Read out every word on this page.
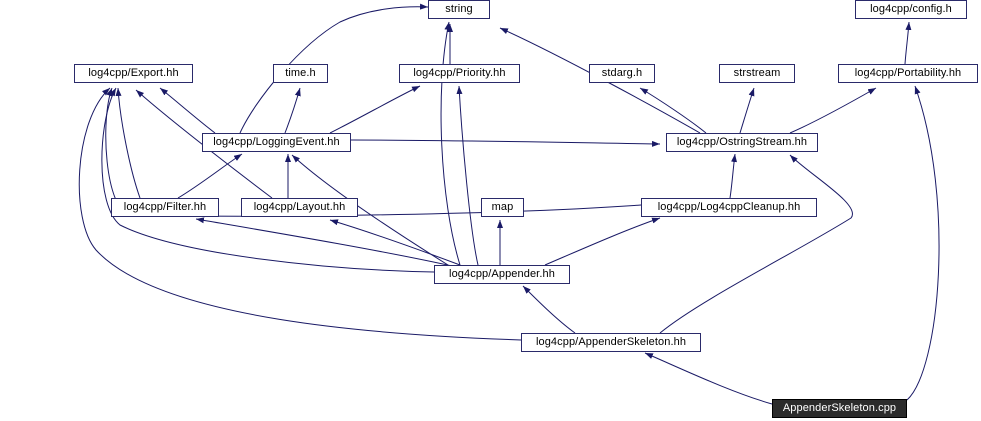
string	log4cpp/config.h
log4cpp/Export.hh	time.h	log4cpp/Priority.hh	stdarg.h	strstream	log4cpp/Portability.hh
log4cpp/LoggingEvent.hh	log4cpp/OstringStream.hh
log4cpp/Filter.hh	log4cpp/Layout.hh	map	log4cpp/Log4cppCleanup.hh
log4cpp/Appender.hh
log4cpp/AppenderSkeleton.hh
AppenderSkeleton.cpp
